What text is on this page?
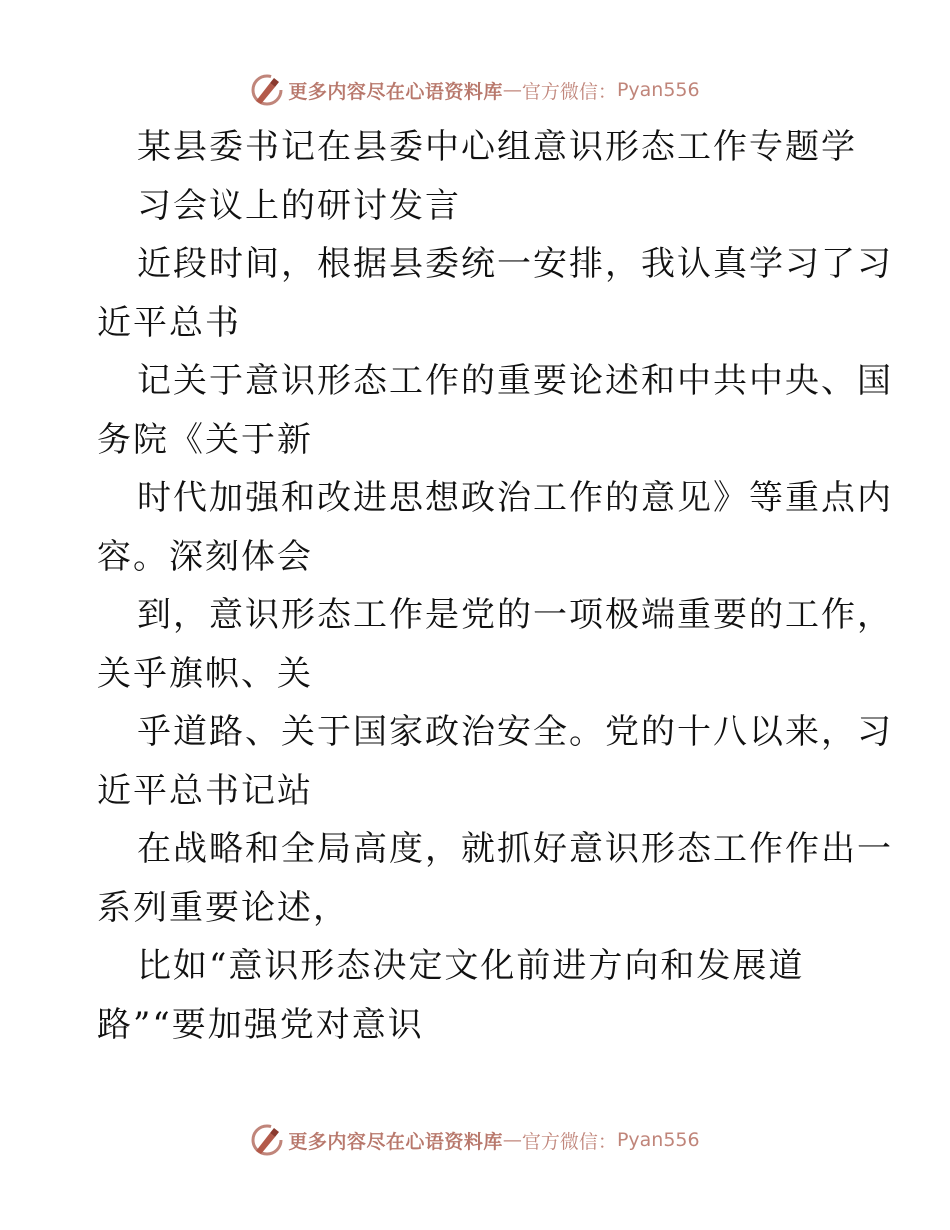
更多内容尽在心语资料库 — 官方微信： Pyan556
某县委书记在县委中心组意识形态工作专题学
习会议上的研讨发言
近段时间，根据县委统一安排，我认真学习了习
近平总书
记关于意识形态工作的重要论述和中共中央、国
务院《关于新
时代加强和改进思想政治工作的意见》等重点内
容。深刻体会
到，意识形态工作是党的一项极端重要的工作，
关乎旗帜、关
乎道路、关于国家政治安全。党的十八以来，习
近平总书记站
在战略和全局高度，就抓好意识形态工作作出一
系列重要论述，
比如“意识形态决定文化前进方向和发展道
路”“要加强党对意识
更多内容尽在心语资料库 — 官方微信： Pyan556
